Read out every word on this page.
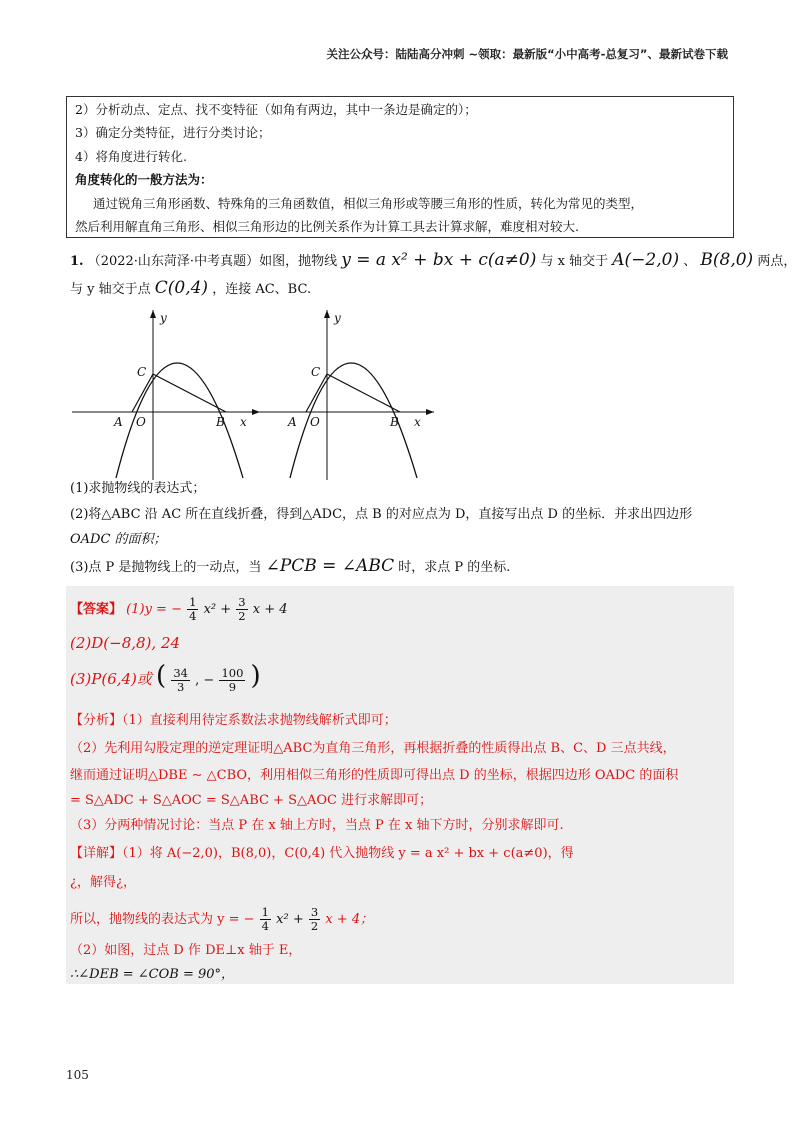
关注公众号：陆陆高分冲刺 ~领取：最新版“小中高考-总复习”、最新试卷下载
2）分析动点、定点、找不变特征（如角有两边，其中一条边是确定的）；
3）确定分类特征，进行分类讨论；
4）将角度进行转化.
角度转化的一般方法为：
通过锐角三角形函数、特殊角的三角函数值，相似三角形或等腰三角形的性质，转化为常见的类型，
然后利用解直角三角形、相似三角形边的比例关系作为计算工具去计算求解，难度相对较大.
1. （2022·山东菏泽·中考真题）如图，抛物线 y = a x² + bx + c(a≠0) 与 x 轴交于 A(−2,0) 、 B(8,0) 两点，
与 y 轴交于点 C(0,4) ，连接 AC、BC.
y
x
A O	B
C
y
x
A O	B
C
(1)求抛物线的表达式；
(2)将△ABC 沿 AC 所在直线折叠，得到△ADC，点 B 的对应点为 D，直接写出点 D 的坐标．并求出四边形
OADC 的面积；
(3)点 P 是抛物线上的一动点，当 ∠PCB = ∠ABC 时，求点 P 的坐标.
【答案】 (1)y = − $\frac{1}{4} x^2 + \frac{3}{2}$ x + 4
(2)D(−8,8), 24
(3)P(6,4)或 ( $\frac{34}{3}$ , − $\frac{100}{9}$ )
【分析】（1）直接利用待定系数法求抛物线解析式即可；
（2）先利用勾股定理的逆定理证明△ABC为直角三角形，再根据折叠的性质得出点 B、C、D 三点共线，
继而通过证明△DBE ∼ △CBO，利用相似三角形的性质即可得出点 D 的坐标，根据四边形 OADC 的面积
= S△ADC + S△AOC = S△ABC + S△AOC 进行求解即可；
（3）分两种情况讨论：当点 P 在 x 轴上方时，当点 P 在 x 轴下方时，分别求解即可.
【详解】（1）将 A(−2,0)，B(8,0)，C(0,4) 代入抛物线 y = a x² + bx + c(a≠0)，得
¿，解得¿，
所以，抛物线的表达式为 y = − $\frac{1}{4} x^2 + \frac{3}{2}$ x + 4；
（2）如图，过点 D 作 DE⊥x 轴于 E，
∴∠DEB = ∠COB = 90°，
105
